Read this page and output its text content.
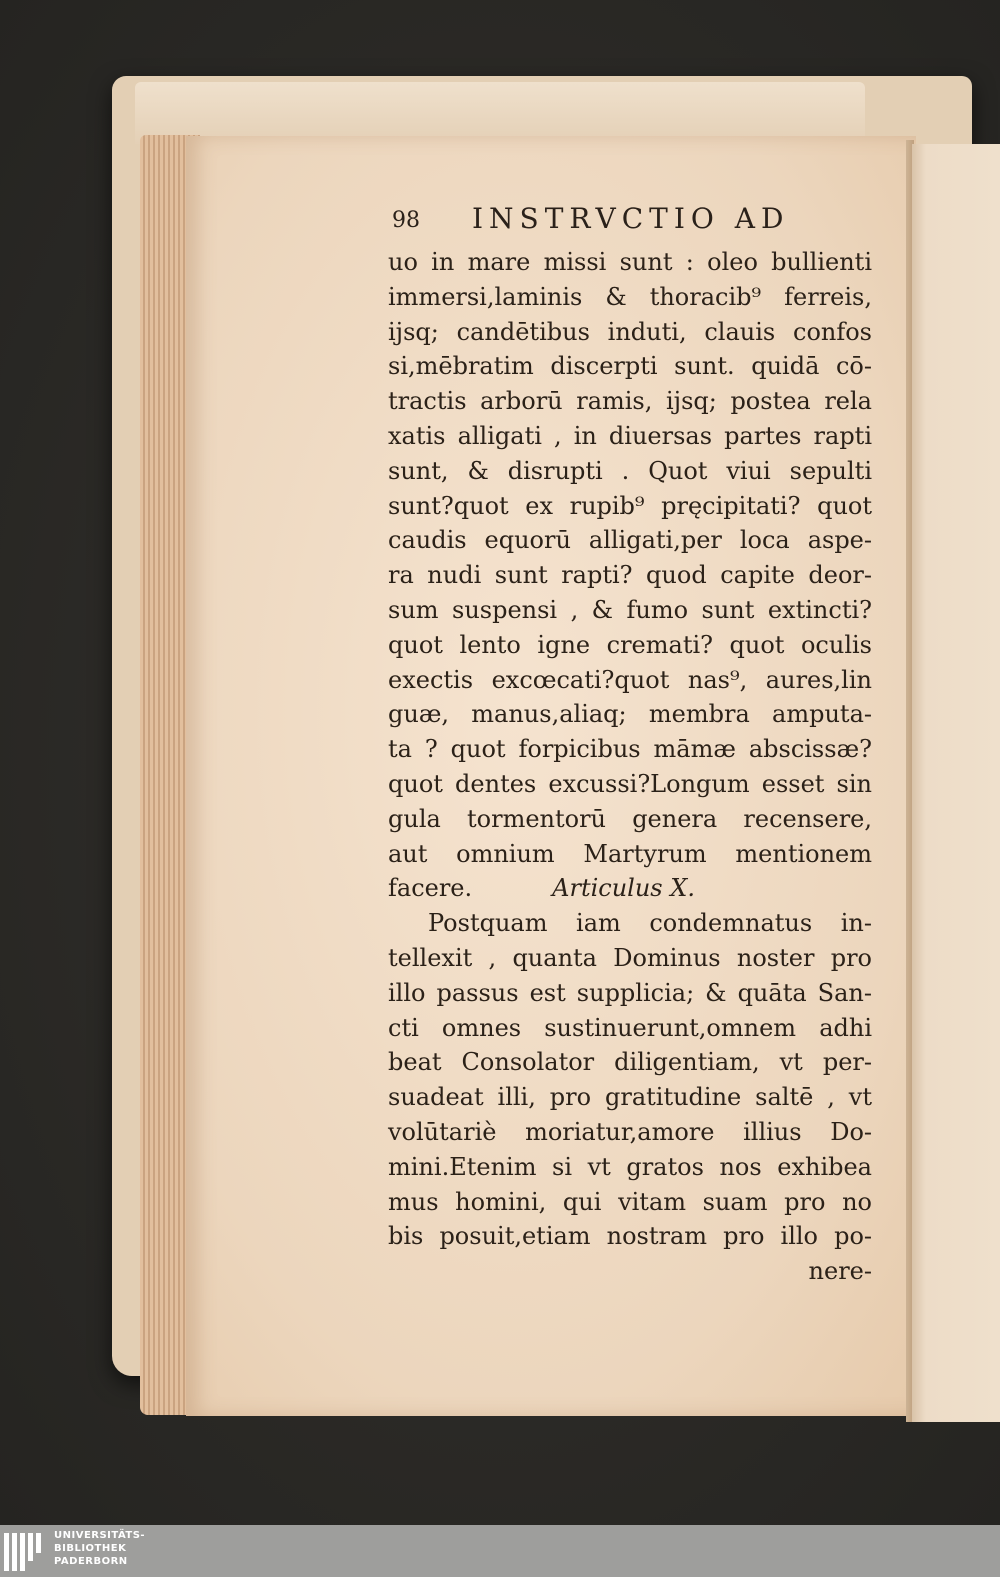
98 INSTRVCTIO AD
uo in mare missi sunt : oleo bullienti
immersi,laminis & thoracib⁹ ferreis,
ijsq; candētibus induti, clauis confos
si,mēbratim discerpti sunt. quidā cō-
tractis arborū ramis, ijsq; postea rela
xatis alligati , in diuersas partes rapti
sunt, & disrupti . Quot viui sepulti
sunt?quot ex rupib⁹ pręcipitati? quot
caudis equorū alligati,per loca aspe-
ra nudi sunt rapti? quod capite deor-
sum suspensi , & fumo sunt extincti?
quot lento igne cremati? quot oculis
exectis excœcati?quot nas⁹, aures,lin
guæ, manus,aliaq; membra amputa-
ta ? quot forpicibus māmæ abscissæ?
quot dentes excussi?Longum esset sin
gula tormentorū genera recensere,
aut omnium Martyrum mentionem
facere.	Articulus X.
Postquam iam condemnatus in-
tellexit , quanta Dominus noster pro
illo passus est supplicia; & quāta San-
cti omnes sustinuerunt,omnem adhi
beat Consolator diligentiam, vt per-
suadeat illi, pro gratitudine saltē , vt
volūtariè moriatur,amore illius Do-
mini.Etenim si vt gratos nos exhibea
mus homini, qui vitam suam pro no
bis posuit,etiam nostram pro illo po-
nere-
UNIVERSITÄTS-
BIBLIOTHEK
PADERBORN
